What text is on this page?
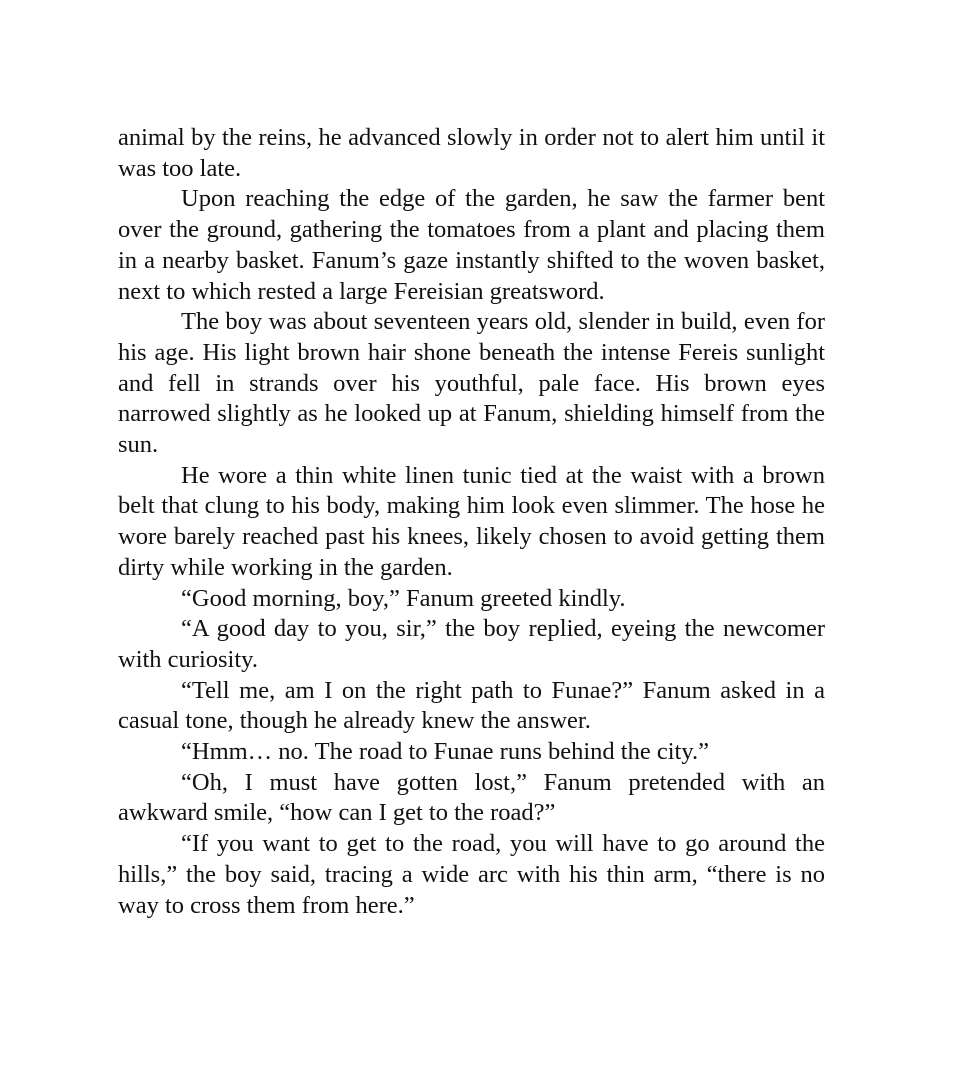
animal by the reins, he advanced slowly in order not to alert him until it was too late.

Upon reaching the edge of the garden, he saw the farmer bent over the ground, gathering the tomatoes from a plant and placing them in a nearby basket. Fanum’s gaze instantly shifted to the woven basket, next to which rested a large Fereisian greatsword.

The boy was about seventeen years old, slender in build, even for his age. His light brown hair shone beneath the intense Fereis sunlight and fell in strands over his youthful, pale face. His brown eyes narrowed slightly as he looked up at Fanum, shielding himself from the sun.

He wore a thin white linen tunic tied at the waist with a brown belt that clung to his body, making him look even slimmer. The hose he wore barely reached past his knees, likely chosen to avoid getting them dirty while working in the garden.

“Good morning, boy,” Fanum greeted kindly.

“A good day to you, sir,” the boy replied, eyeing the newcomer with curiosity.

“Tell me, am I on the right path to Funae?” Fanum asked in a casual tone, though he already knew the answer.

“Hmm… no. The road to Funae runs behind the city.”

“Oh, I must have gotten lost,” Fanum pretended with an awkward smile, “how can I get to the road?”

“If you want to get to the road, you will have to go around the hills,” the boy said, tracing a wide arc with his thin arm, “there is no way to cross them from here.”
